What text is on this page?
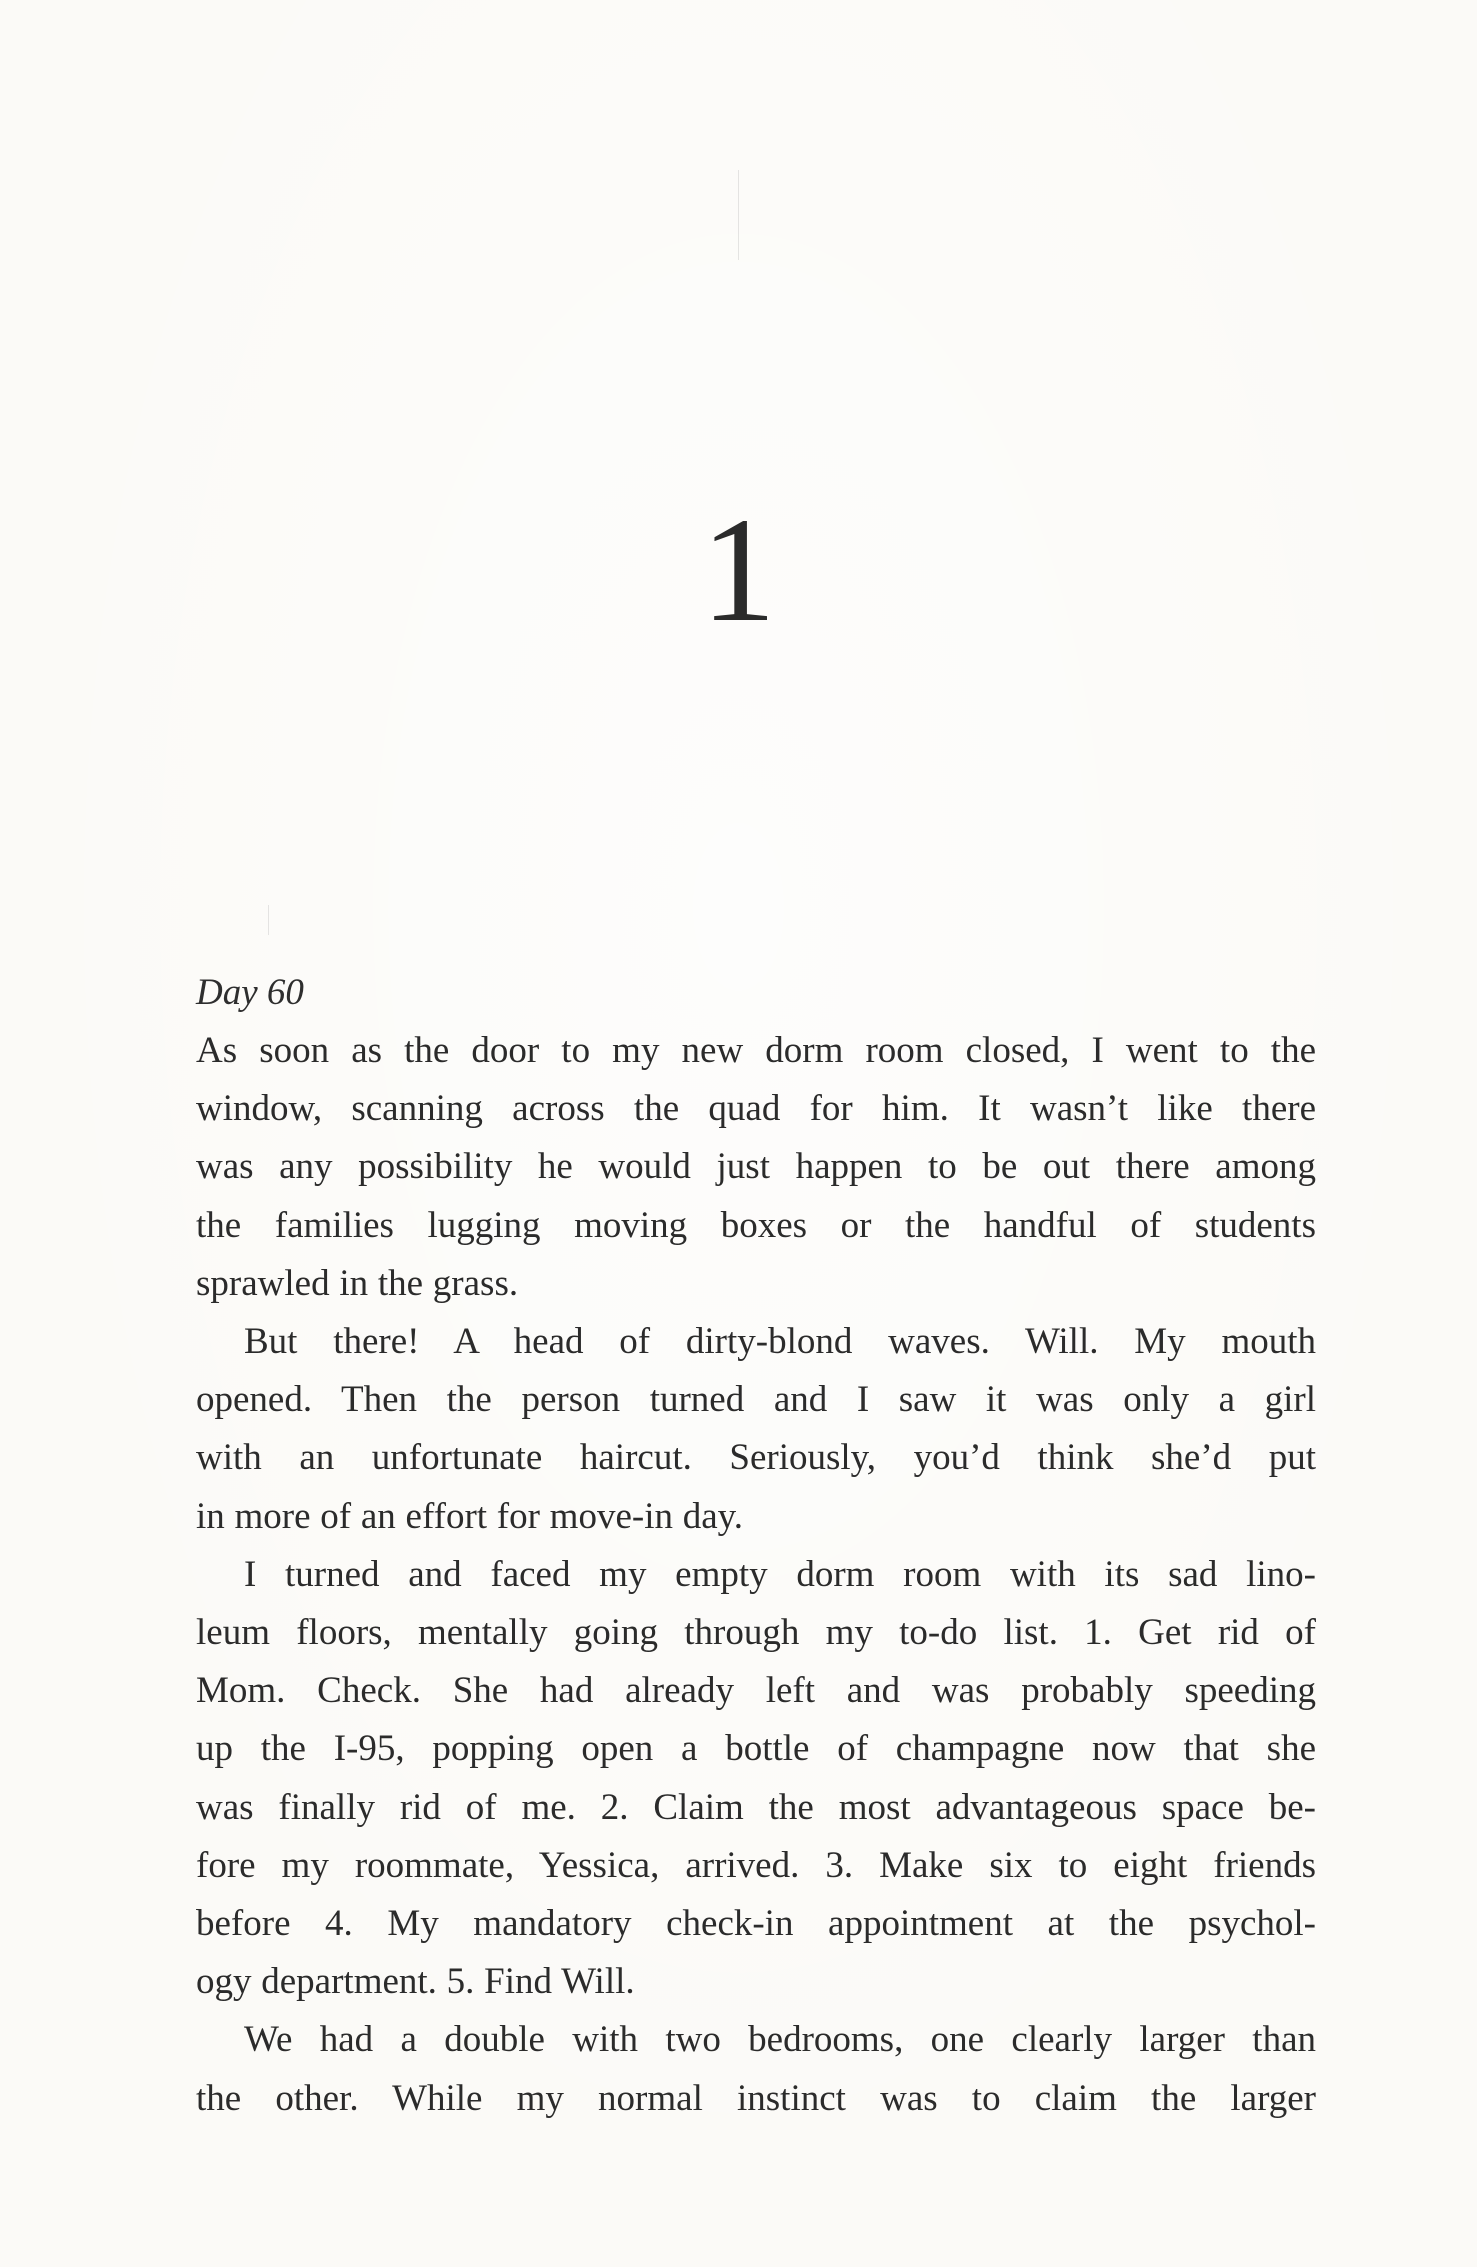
1
Day 60
As soon as the door to my new dorm room closed, I went to the
window, scanning across the quad for him. It wasn’t like there
was any possibility he would just happen to be out there among
the families lugging moving boxes or the handful of students
sprawled in the grass.
But there! A head of dirty-blond waves. Will. My mouth
opened. Then the person turned and I saw it was only a girl
with an unfortunate haircut. Seriously, you’d think she’d put
in more of an effort for move-in day.
I turned and faced my empty dorm room with its sad lino-
leum floors, mentally going through my to-do list. 1. Get rid of
Mom. Check. She had already left and was probably speeding
up the I-95, popping open a bottle of champagne now that she
was finally rid of me. 2. Claim the most advantageous space be-
fore my roommate, Yessica, arrived. 3. Make six to eight friends
before 4. My mandatory check-in appointment at the psychol-
ogy department. 5. Find Will.
We had a double with two bedrooms, one clearly larger than
the other. While my normal instinct was to claim the larger
